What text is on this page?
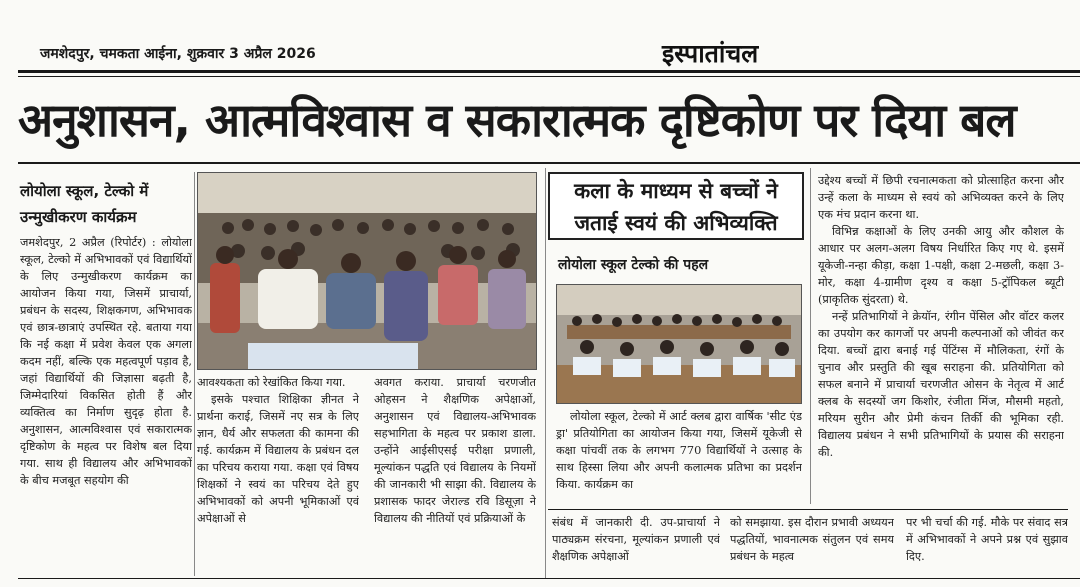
जमशेदपुर, चमकता आईना, शुक्रवार 3 अप्रैल 2026	इस्पातांचल
अनुशासन, आत्मविश्वास व सकारात्मक दृष्टिकोण पर दिया बल
लोयोला स्कूल, टेल्को में उन्मुखीकरण कार्यक्रम

जमशेदपुर, 2 अप्रैल (रिपोर्टर) : लोयोला स्कूल, टेल्को में अभिभावकों एवं विद्यार्थियों के लिए उन्मुखीकरण कार्यक्रम का आयोजन किया गया, जिसमें प्राचार्या, प्रबंधन के सदस्य, शिक्षकगण, अभिभावक एवं छात्र-छात्राएं उपस्थित रहे. बताया गया कि नई कक्षा में प्रवेश केवल एक अगला कदम नहीं, बल्कि एक महत्वपूर्ण पड़ाव है, जहां विद्यार्थियों की जिज्ञासा बढ़ती है, जिम्मेदारियां विकसित होती हैं और व्यक्तित्व का निर्माण सुदृढ़ होता है. अनुशासन, आत्मविश्वास एवं सकारात्मक दृष्टिकोण के महत्व पर विशेष बल दिया गया. साथ ही विद्यालय और अभिभावकों के बीच मजबूत सहयोग की

आवश्यकता को रेखांकित किया गया.

इसके पश्चात शिक्षिका ज्ञीनत ने प्रार्थना कराई, जिसमें नए सत्र के लिए ज्ञान, धैर्य और सफलता की कामना की गई. कार्यक्रम में विद्यालय के प्रबंधन दल का परिचय कराया गया. कक्षा एवं विषय शिक्षकों ने स्वयं का परिचय देते हुए अभिभावकों को अपनी भूमिकाओं एवं अपेक्षाओं से

अवगत कराया. प्राचार्या चरणजीत ओहसन ने शैक्षणिक अपेक्षाओं, अनुशासन एवं विद्यालय-अभिभावक सहभागिता के महत्व पर प्रकाश डाला. उन्होंने आईसीएसई परीक्षा प्रणाली, मूल्यांकन पद्धति एवं विद्यालय के नियमों की जानकारी भी साझा की. विद्यालय के प्रशासक फादर जेराल्ड रवि डिसूज़ा ने विद्यालय की नीतियों एवं प्रक्रियाओं के

कला के माध्यम से बच्चों ने जताई स्वयं की अभिव्यक्ति
लोयोला स्कूल टेल्को की पहल

लोयोला स्कूल, टेल्को में आर्ट क्लब द्वारा वार्षिक 'सीट एंड ड्रा' प्रतियोगिता का आयोजन किया गया, जिसमें यूकेजी से कक्षा पांचवीं तक के लगभग 770 विद्यार्थियों ने उत्साह के साथ हिस्सा लिया और अपनी कलात्मक प्रतिभा का प्रदर्शन किया. कार्यक्रम का

उद्देश्य बच्चों में छिपी रचनात्मकता को प्रोत्साहित करना और उन्हें कला के माध्यम से स्वयं को अभिव्यक्त करने के लिए एक मंच प्रदान करना था.

विभिन्न कक्षाओं के लिए उनकी आयु और कौशल के आधार पर अलग-अलग विषय निर्धारित किए गए थे. इसमें यूकेजी-नन्हा कीड़ा, कक्षा 1-पक्षी, कक्षा 2-मछली, कक्षा 3-मोर, कक्षा 4-ग्रामीण दृश्य व कक्षा 5-ट्रॉपिकल ब्यूटी (प्राकृतिक सुंदरता) थे.

नन्हें प्रतिभागियों ने क्रेयॉन, रंगीन पेंसिल और वॉटर कलर का उपयोग कर कागजों पर अपनी कल्पनाओं को जीवंत कर दिया. बच्चों द्वारा बनाई गई पेंटिंग्स में मौलिकता, रंगों के चुनाव और प्रस्तुति की खूब सराहना की. प्रतियोगिता को सफल बनाने में प्राचार्या चरणजीत ओसन के नेतृत्व में आर्ट क्लब के सदस्यों जग किशोर, रंजीता मिंज, मौसमी महतो, मरियम सुरीन और प्रेमी कंचन तिर्की की भूमिका रही. विद्यालय प्रबंधन ने सभी प्रतिभागियों के प्रयास की सराहना की.

संबंध में जानकारी दी. उप-प्राचार्या ने पाठ्यक्रम संरचना, मूल्यांकन प्रणाली एवं शैक्षणिक अपेक्षाओं

को समझाया. इस दौरान प्रभावी अध्ययन पद्धतियों, भावनात्मक संतुलन एवं समय प्रबंधन के महत्व

पर भी चर्चा की गई. मौके पर संवाद सत्र में अभिभावकों ने अपने प्रश्न एवं सुझाव दिए.
